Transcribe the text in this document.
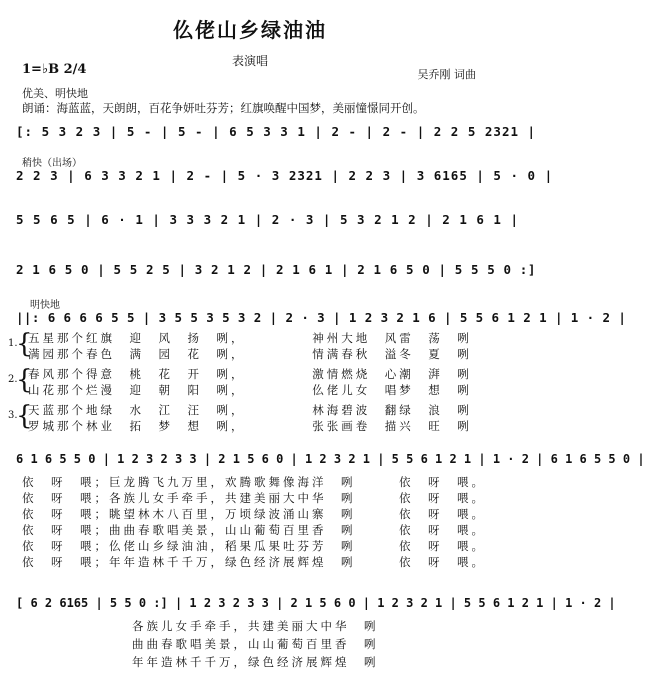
仫佬山乡绿油油
表演唱
1=♭B 2/4	吴乔刚 词曲
优美、明快地
朗诵：海蓝蓝，天朗朗，百花争妍吐芬芳；红旗唤醒中国梦，美丽憧憬同开创。
[: 5 3 2 3 | 5 - | 5 - | 6 5 3 3 1 | 2 - | 2 - | 2 2 5 2321 |
稍快（出场）
2 2 3 | 6 3 3 2 1 | 2 - | 5 · 3 2321 | 2 2 3 | 3 6165 | 5 · 0 |
5 5 6 5 | 6 · 1 | 3 3 3 2 1 | 2 · 3 | 5 3 2 1 2 | 2 1 6 1 |
2 1 6 5 0 | 5 5 2 5 | 3 2 1 2 | 2 1 6 1 | 2 1 6 5 0 | 5 5 5 0 :]
明快地
||: 6 6 6 6 5 5 | 3 5 5 3 5 3 2 | 2 · 3 | 1 2 3 2 1 6 | 5 5 6 1 2 1 | 1 · 2 |
1.
{
五星那个红旗　迎　风　扬　咧，　　　　　神州大地　风雷　荡　咧
满园那个春色　满　园　花　咧，　　　　　情满春秋　溢冬　夏　咧
2.
{
春风那个得意　桃　花　开　咧，　　　　　激情燃烧　心潮　湃　咧
山花那个烂漫　迎　朝　阳　咧，　　　　　仫佬儿女　唱梦　想　咧
3.
{
天蓝那个地绿　水　江　汪　咧，　　　　　林海碧波　翻绿　浪　咧
罗城那个林业　拓　梦　想　咧，　　　　　张张画卷　描兴　旺　咧
6 1 6 5 5 0 | 1 2 3 2 3 3 | 2 1 5 6 0 | 1 2 3 2 1 | 5 5 6 1 2 1 | 1 · 2 | 6 1 6 5 5 0 |
依　呀　喂；巨龙腾飞九万里，欢腾歌舞像海洋　咧　　　依　呀　喂。
依　呀　喂；各族儿女手牵手，共建美丽大中华　咧　　　依　呀　喂。
依　呀　喂；眺望林木八百里，万顷绿波涌山寨　咧　　　依　呀　喂。
依　呀　喂；曲曲春歌唱美景，山山葡萄百里香　咧　　　依　呀　喂。
依　呀　喂；仫佬山乡绿油油，稻果瓜果吐芬芳　咧　　　依　呀　喂。
依　呀　喂；年年造林千千万，绿色经济展辉煌　咧　　　依　呀　喂。
[ 6 2 6165 | 5 5 0 :] | 1 2 3 2 3 3 | 2 1 5 6 0 | 1 2 3 2 1 | 5 5 6 1 2 1 | 1 · 2 |
各族儿女手牵手，共建美丽大中华　咧
曲曲春歌唱美景，山山葡萄百里香　咧
年年造林千千万，绿色经济展辉煌　咧
